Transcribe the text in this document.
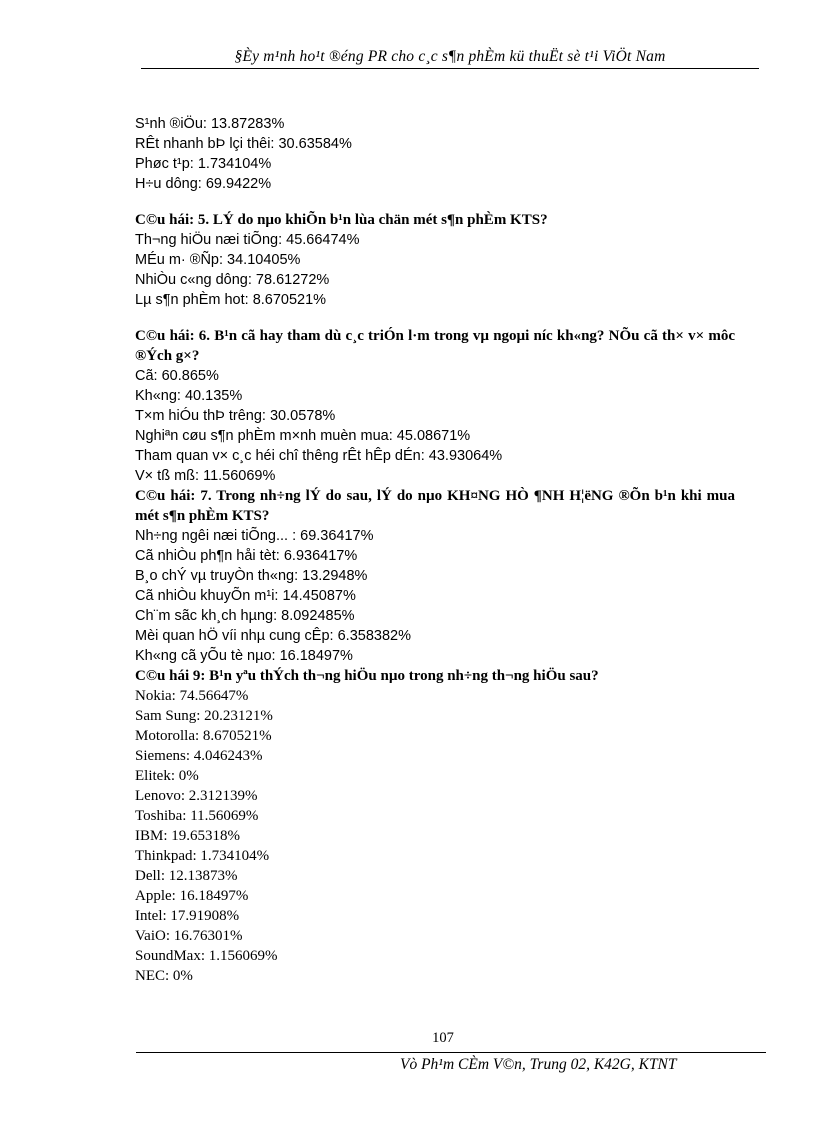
§Èy m¹nh ho¹t ®éng PR cho c¸c s¶n phÈm kü thuËt sè t¹i ViÖt Nam
S¹nh ®iÖu: 13.87283%
RÊt nhanh bÞ lçi thêi: 30.63584%
Phøc t¹p: 1.734104%
H÷u dông: 69.9422%
C©u hái: 5. LÝ do nµo khiÕn b¹n lùa chän mét s¶n phÈm KTS?
Th¬ng hiÖu næi tiÕng: 45.66474%
MÉu m· ®Ñp: 34.10405%
NhiÒu c«ng dông: 78.61272%
Lµ s¶n phÈm hot: 8.670521%
C©u hái: 6. B¹n cã hay tham dù c¸c triÓn l·m trong vµ ngoµi níc kh«ng? NÕu cã th× v× môc ®Ých g×?
Cã: 60.865%
Kh«ng: 40.135%
T×m hiÓu thÞ trêng: 30.0578%
Nghiªn cøu s¶n phÈm m×nh muèn mua: 45.08671%
Tham quan v× c¸c héi chî thêng rÊt hÊp dÉn: 43.93064%
V× tß mß: 11.56069%
C©u hái: 7. Trong nh÷ng lÝ do sau, lÝ do nµo KH¤NG HÒ ¶NH H¦ëNG ®Õn b¹n khi mua mét s¶n phÈm KTS?
Nh÷ng ngêi næi tiÕng... : 69.36417%
Cã nhiÒu ph¶n håi tèt: 6.936417%
B¸o chÝ vµ truyÒn th«ng: 13.2948%
Cã nhiÒu khuyÕn m¹i: 14.45087%
Ch¨m sãc kh¸ch hµng: 8.092485%
Mèi quan hÖ víi nhµ cung cÊp: 6.358382%
Kh«ng cã yÕu tè nµo: 16.18497%
C©u hái 9: B¹n yªu thÝch th¬ng hiÖu nµo trong nh÷ng th¬ng hiÖu sau?
Nokia: 74.56647%
Sam Sung: 20.23121%
Motorolla: 8.670521%
Siemens: 4.046243%
Elitek: 0%
Lenovo: 2.312139%
Toshiba: 11.56069%
IBM: 19.65318%
Thinkpad: 1.734104%
Dell: 12.13873%
Apple: 16.18497%
Intel: 17.91908%
VaiO: 16.76301%
SoundMax: 1.156069%
NEC: 0%
107
Vò Ph¹m CÈm V©n, Trung 02, K42G, KTNT
